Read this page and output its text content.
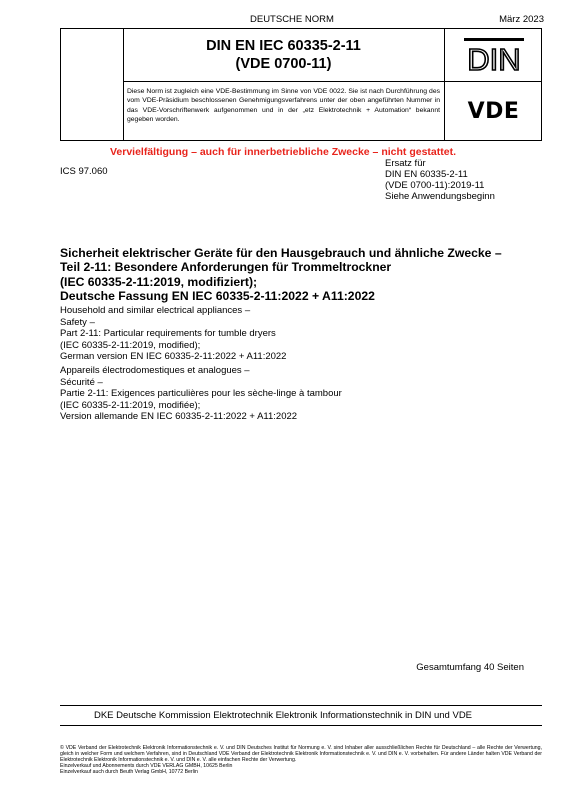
DEUTSCHE NORM	März 2023
DIN EN IEC 60335-2-11
(VDE 0700-11)	DIN
Diese Norm ist zugleich eine VDE-Bestimmung im Sinne von VDE 0022. Sie ist nach Durchführung des vom VDE-Präsidium beschlossenen Genehmigungsverfahrens unter der oben angeführten Nummer in das VDE-Vorschriftenwerk aufgenommen und in der „etz Elektrotechnik + Automation“ bekannt gegeben worden.	VDE
Vervielfältigung – auch für innerbetriebliche Zwecke – nicht gestattet.
ICS 97.060
Ersatz für
DIN EN 60335-2-11
(VDE 0700-11):2019-11
Siehe Anwendungsbeginn
Sicherheit elektrischer Geräte für den Hausgebrauch und ähnliche Zwecke –
Teil 2-11: Besondere Anforderungen für Trommeltrockner
(IEC 60335-2-11:2019, modifiziert);
Deutsche Fassung EN IEC 60335-2-11:2022 + A11:2022
Household and similar electrical appliances –
Safety –
Part 2-11: Particular requirements for tumble dryers
(IEC 60335-2-11:2019, modified);
German version EN IEC 60335-2-11:2022 + A11:2022
Appareils électrodomestiques et analogues –
Sécurité –
Partie 2-11: Exigences particulières pour les sèche-linge à tambour
(IEC 60335-2-11:2019, modifiée);
Version allemande EN IEC 60335-2-11:2022 + A11:2022
Gesamtumfang 40 Seiten
DKE Deutsche Kommission Elektrotechnik Elektronik Informationstechnik in DIN und VDE
© VDE Verband der Elektrotechnik Elektronik Informationstechnik e. V. und DIN Deutsches Institut für Normung e. V. sind Inhaber aller ausschließlichen Rechte für Deutschland – alle Rechte der Verwertung, gleich in welcher Form und welchem Verfahren, sind in Deutschland VDE Verband der Elektrotechnik Elektronik Informationstechnik e. V. und DIN e. V. vorbehalten. Für andere Länder halten VDE Verband der Elektrotechnik Elektronik Informationstechnik e. V. und DIN e. V. alle einfachen Rechte der Verwertung.
Einzelverkauf und Abonnements durch VDE VERLAG GMBH, 10625 Berlin
Einzelverkauf auch durch Beuth Verlag GmbH, 10772 Berlin
